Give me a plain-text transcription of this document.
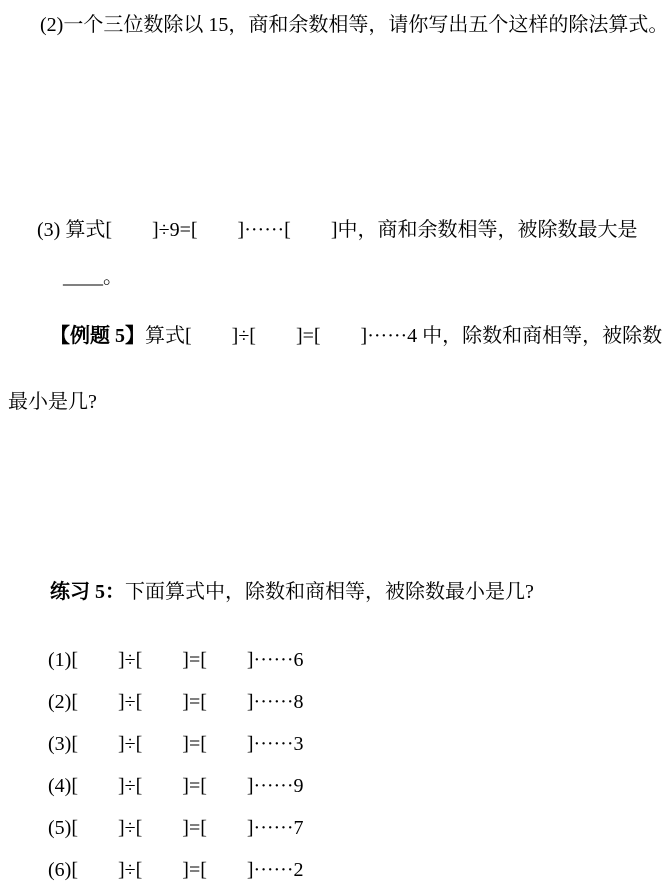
(2)一个三位数除以 15，商和余数相等，请你写出五个这样的除法算式。
(3) 算式[        ]÷9=[        ]······[        ]中，商和余数相等，被除数最大是
____。

【例题 5】算式[        ]÷[        ]=[        ]······4 中，除数和商相等，被除数

最小是几?

练习 5：下面算式中，除数和商相等，被除数最小是几?

(1)[        ]÷[        ]=[        ]······6
(2)[        ]÷[        ]=[        ]······8
(3)[        ]÷[        ]=[        ]······3
(4)[        ]÷[        ]=[        ]······9
(5)[        ]÷[        ]=[        ]······7
(6)[        ]÷[        ]=[        ]······2
